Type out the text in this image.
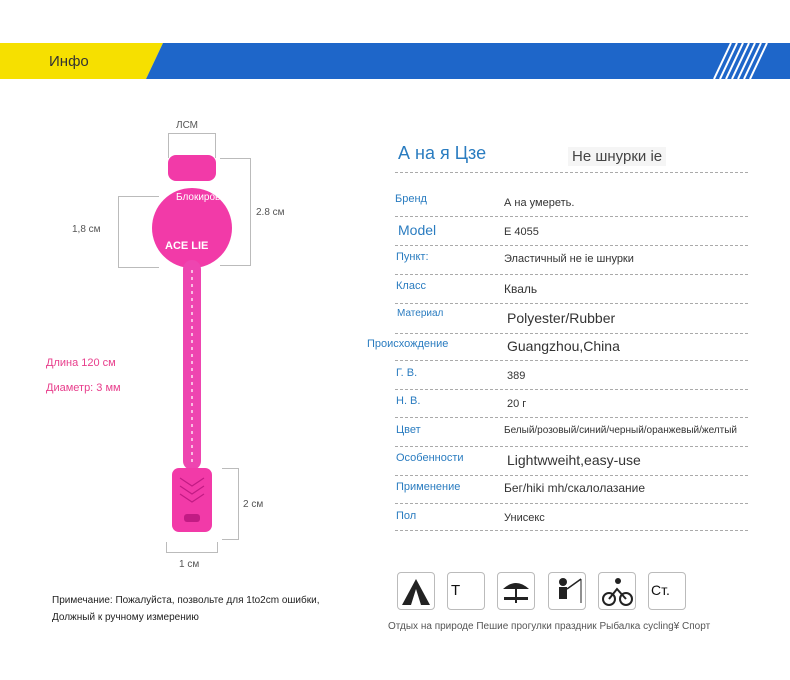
Инфо
ЛСМ
Блокирова
1,8 см
2.8 см
ACE LIE
2 см
1 см
Длина 120 см
Диаметр: 3 мм
Примечание: Пожалуйста, позвольте для 1to2cm ошибки,
Должный к ручному измерению
А на я Цзе	Не шнурки іе
Бренд	А на умереть.
Model	E 4055
Пункт:	Эластичный не іе шнурки
Класс	Кваль
Материал	Polyester/Rubber
Происхождение	Guangzhou,China
Г. В.	389
Н. В.	20 г
Цвет	Белый/розовый/синий/черный/оранжевый/желтый
Особенности	Lightwweiht,easy-use
Применение	Бег/hiki mh/скалолазание
Пол	Унисекс
T	Ст.
Отдых на природе Пешие прогулки праздник Рыбалка cycling¥ Спорт
